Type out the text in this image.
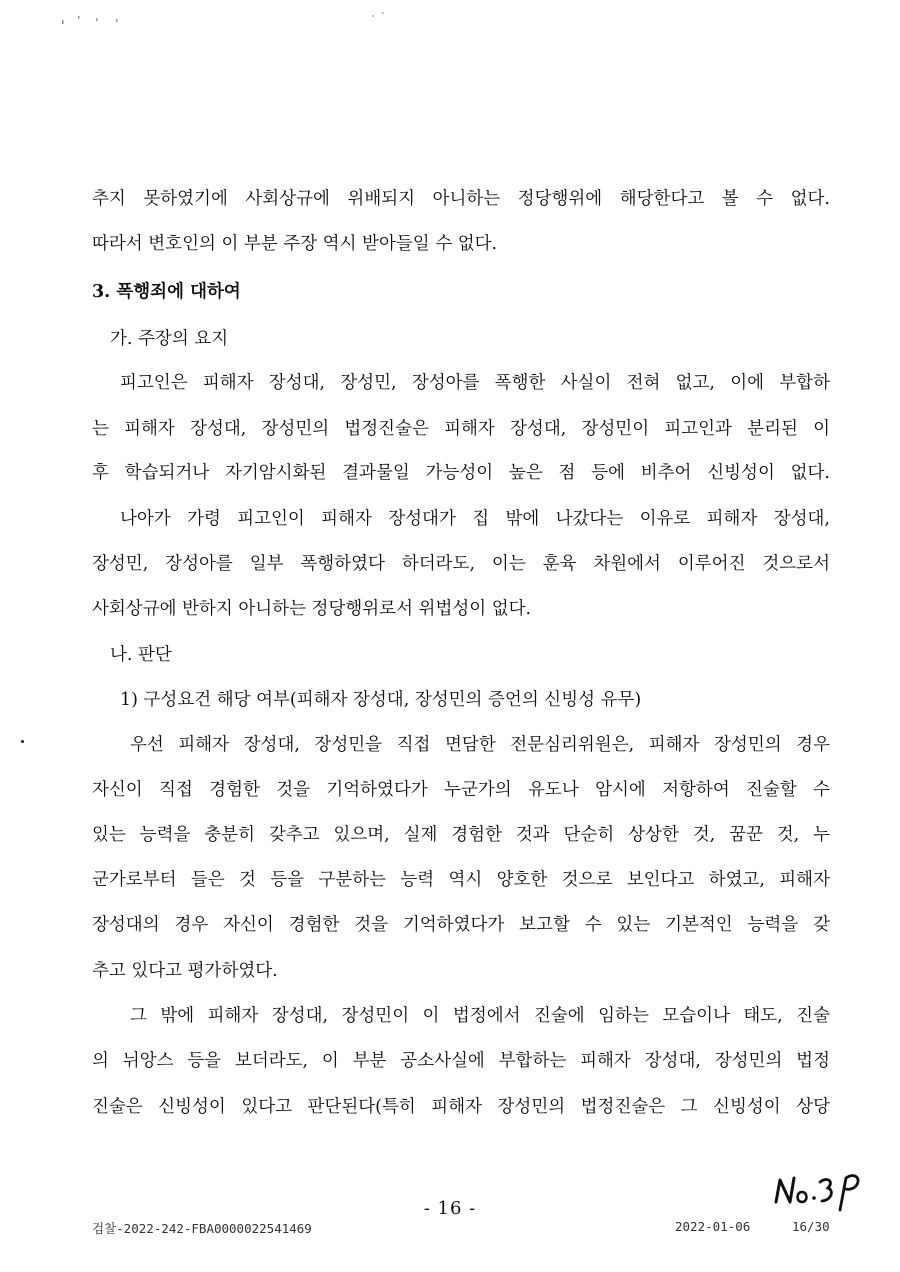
추지 못하였기에 사회상규에 위배되지 아니하는 정당행위에 해당한다고 볼 수 없다.
따라서 변호인의 이 부분 주장 역시 받아들일 수 없다.
3. 폭행죄에 대하여
가. 주장의 요지
피고인은 피해자 장성대, 장성민, 장성아를 폭행한 사실이 전혀 없고, 이에 부합하
는 피해자 장성대, 장성민의 법정진술은 피해자 장성대, 장성민이 피고인과 분리된 이
후 학습되거나 자기암시화된 결과물일 가능성이 높은 점 등에 비추어 신빙성이 없다.
나아가 가령 피고인이 피해자 장성대가 집 밖에 나갔다는 이유로 피해자 장성대,
장성민, 장성아를 일부 폭행하였다 하더라도, 이는 훈육 차원에서 이루어진 것으로서
사회상규에 반하지 아니하는 정당행위로서 위법성이 없다.
나. 판단
1) 구성요건 해당 여부(피해자 장성대, 장성민의 증언의 신빙성 유무)
우선 피해자 장성대, 장성민을 직접 면담한 전문심리위원은, 피해자 장성민의 경우
자신이 직접 경험한 것을 기억하였다가 누군가의 유도나 암시에 저항하여 진술할 수
있는 능력을 충분히 갖추고 있으며, 실제 경험한 것과 단순히 상상한 것, 꿈꾼 것, 누
군가로부터 들은 것 등을 구분하는 능력 역시 양호한 것으로 보인다고 하였고, 피해자
장성대의 경우 자신이 경험한 것을 기억하였다가 보고할 수 있는 기본적인 능력을 갖
추고 있다고 평가하였다.
그 밖에 피해자 장성대, 장성민이 이 법정에서 진술에 임하는 모습이나 태도, 진술
의 뉘앙스 등을 보더라도, 이 부분 공소사실에 부합하는 피해자 장성대, 장성민의 법정
진술은 신빙성이 있다고 판단된다(특히 피해자 장성민의 법정진술은 그 신빙성이 상당
- 16 -
검찰-2022-242-FBA0000022541469	2022-01-06	16/30
